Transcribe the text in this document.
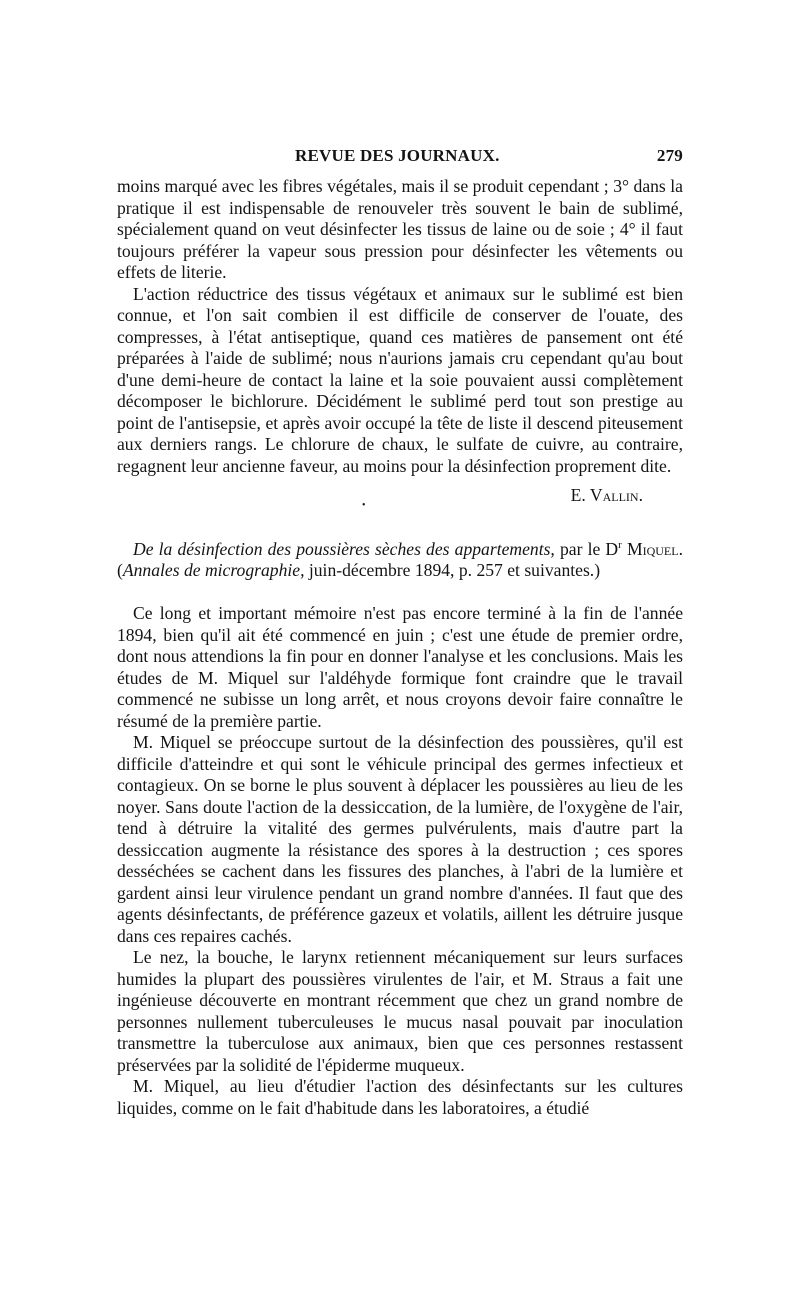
REVUE DES JOURNAUX.	279

moins marqué avec les fibres végétales, mais il se produit cependant ; 3° dans la pratique il est indispensable de renouveler très souvent le bain de sublimé, spécialement quand on veut désinfecter les tissus de laine ou de soie ; 4° il faut toujours préférer la vapeur sous pression pour désinfecter les vêtements ou effets de literie.

L'action réductrice des tissus végétaux et animaux sur le sublimé est bien connue, et l'on sait combien il est difficile de conserver de l'ouate, des compresses, à l'état antiseptique, quand ces matières de pansement ont été préparées à l'aide de sublimé; nous n'aurions jamais cru cependant qu'au bout d'une demi-heure de contact la laine et la soie pouvaient aussi complètement décomposer le bichlorure. Décidément le sublimé perd tout son prestige au point de l'antisepsie, et après avoir occupé la tête de liste il descend piteusement aux derniers rangs. Le chlorure de chaux, le sulfate de cuivre, au contraire, regagnent leur ancienne faveur, au moins pour la désinfection proprement dite.

E. Vallin.
•

De la désinfection des poussières sèches des appartements, par le $D^r$ Miquel. (Annales de micrographie, juin-décembre 1894, p. 257 et suivantes.)

Ce long et important mémoire n'est pas encore terminé à la fin de l'année 1894, bien qu'il ait été commencé en juin ; c'est une étude de premier ordre, dont nous attendions la fin pour en donner l'analyse et les conclusions. Mais les études de M. Miquel sur l'aldéhyde formique font craindre que le travail commencé ne subisse un long arrêt, et nous croyons devoir faire connaître le résumé de la première partie.

M. Miquel se préoccupe surtout de la désinfection des poussières, qu'il est difficile d'atteindre et qui sont le véhicule principal des germes infectieux et contagieux. On se borne le plus souvent à déplacer les poussières au lieu de les noyer. Sans doute l'action de la dessiccation, de la lumière, de l'oxygène de l'air, tend à détruire la vitalité des germes pulvérulents, mais d'autre part la dessiccation augmente la résistance des spores à la destruction ; ces spores desséchées se cachent dans les fissures des planches, à l'abri de la lumière et gardent ainsi leur virulence pendant un grand nombre d'années. Il faut que des agents désinfectants, de préférence gazeux et volatils, aillent les détruire jusque dans ces repaires cachés.

Le nez, la bouche, le larynx retiennent mécaniquement sur leurs surfaces humides la plupart des poussières virulentes de l'air, et M. Straus a fait une ingénieuse découverte en montrant récemment que chez un grand nombre de personnes nullement tuberculeuses le mucus nasal pouvait par inoculation transmettre la tuberculose aux animaux, bien que ces personnes restassent préservées par la solidité de l'épiderme muqueux.

M. Miquel, au lieu d'étudier l'action des désinfectants sur les cultures liquides, comme on le fait d'habitude dans les laboratoires, a étudié
